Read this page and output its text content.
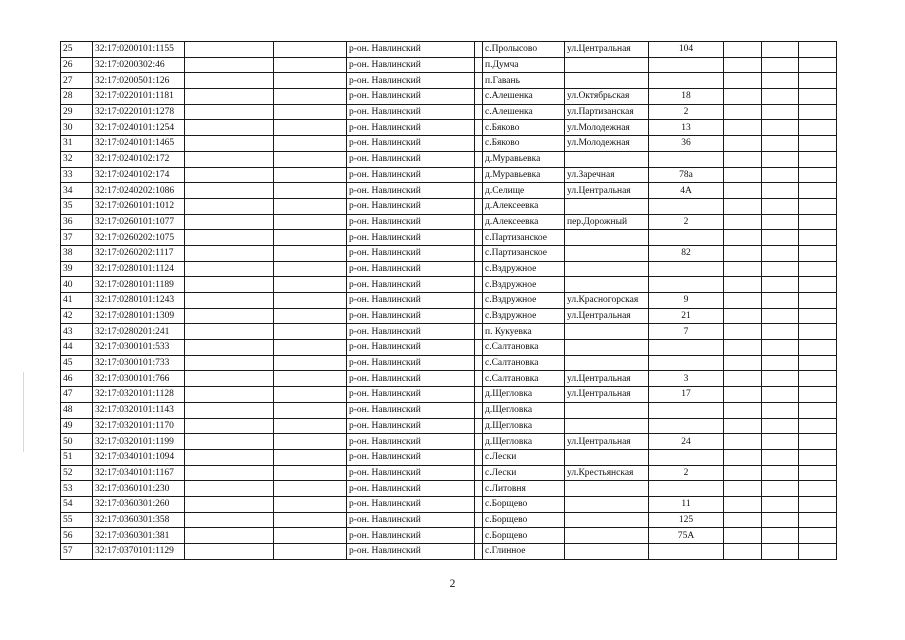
25	32:17:0200101:1155			р-он. Навлинский		с.Пролысово	ул.Центральная	104			
26	32:17:0200302:46			р-он. Навлинский		п.Думча					
27	32:17:0200501:126			р-он. Навлинский		п.Гавань					
28	32:17:0220101:1181			р-он. Навлинский		с.Алешенка	ул.Октябрьская	18			
29	32:17:0220101:1278			р-он. Навлинский		с.Алешенка	ул.Партизанская	2			
30	32:17:0240101:1254			р-он. Навлинский		с.Бяково	ул.Молодежная	13			
31	32:17:0240101:1465			р-он. Навлинский		с.Бяково	ул.Молодежная	36			
32	32:17:0240102:172			р-он. Навлинский		д.Муравьевка					
33	32:17:0240102:174			р-он. Навлинский		д.Муравьевка	ул.Заречная	78а			
34	32:17:0240202:1086			р-он. Навлинский		д.Селище	ул.Центральная	4А			
35	32:17:0260101:1012			р-он. Навлинский		д.Алексеевка					
36	32:17:0260101:1077			р-он. Навлинский		д.Алексеевка	пер.Дорожный	2			
37	32:17:0260202:1075			р-он. Навлинский		с.Партизанское					
38	32:17:0260202:1117			р-он. Навлинский		с.Партизанское		82			
39	32:17:0280101:1124			р-он. Навлинский		с.Вздружное					
40	32:17:0280101:1189			р-он. Навлинский		с.Вздружное					
41	32:17:0280101:1243			р-он. Навлинский		с.Вздружное	ул.Красногорская	9			
42	32:17:0280101:1309			р-он. Навлинский		с.Вздружное	ул.Центральная	21			
43	32:17:0280201:241			р-он. Навлинский		п. Кукуевка		7			
44	32:17:0300101:533			р-он. Навлинский		с.Салтановка					
45	32:17:0300101:733			р-он. Навлинский		с.Салтановка					
46	32:17:0300101:766			р-он. Навлинский		с.Салтановка	ул.Центральная	3			
47	32:17:0320101:1128			р-он. Навлинский		д.Щегловка	ул.Центральная	17			
48	32:17:0320101:1143			р-он. Навлинский		д.Щегловка					
49	32:17:0320101:1170			р-он. Навлинский		д.Щегловка					
50	32:17:0320101:1199			р-он. Навлинский		д.Щегловка	ул.Центральная	24			
51	32:17:0340101:1094			р-он. Навлинский		с.Лески					
52	32:17:0340101:1167			р-он. Навлинский		с.Лески	ул.Крестьянская	2			
53	32:17:0360101:230			р-он. Навлинский		с.Литовня					
54	32:17:0360301:260			р-он. Навлинский		с.Борщево		11			
55	32:17:0360301:358			р-он. Навлинский		с.Борщево		125			
56	32:17:0360301:381			р-он. Навлинский		с.Борщево		75А			
57	32:17:0370101:1129			р-он. Навлинский		с.Глинное					
2
